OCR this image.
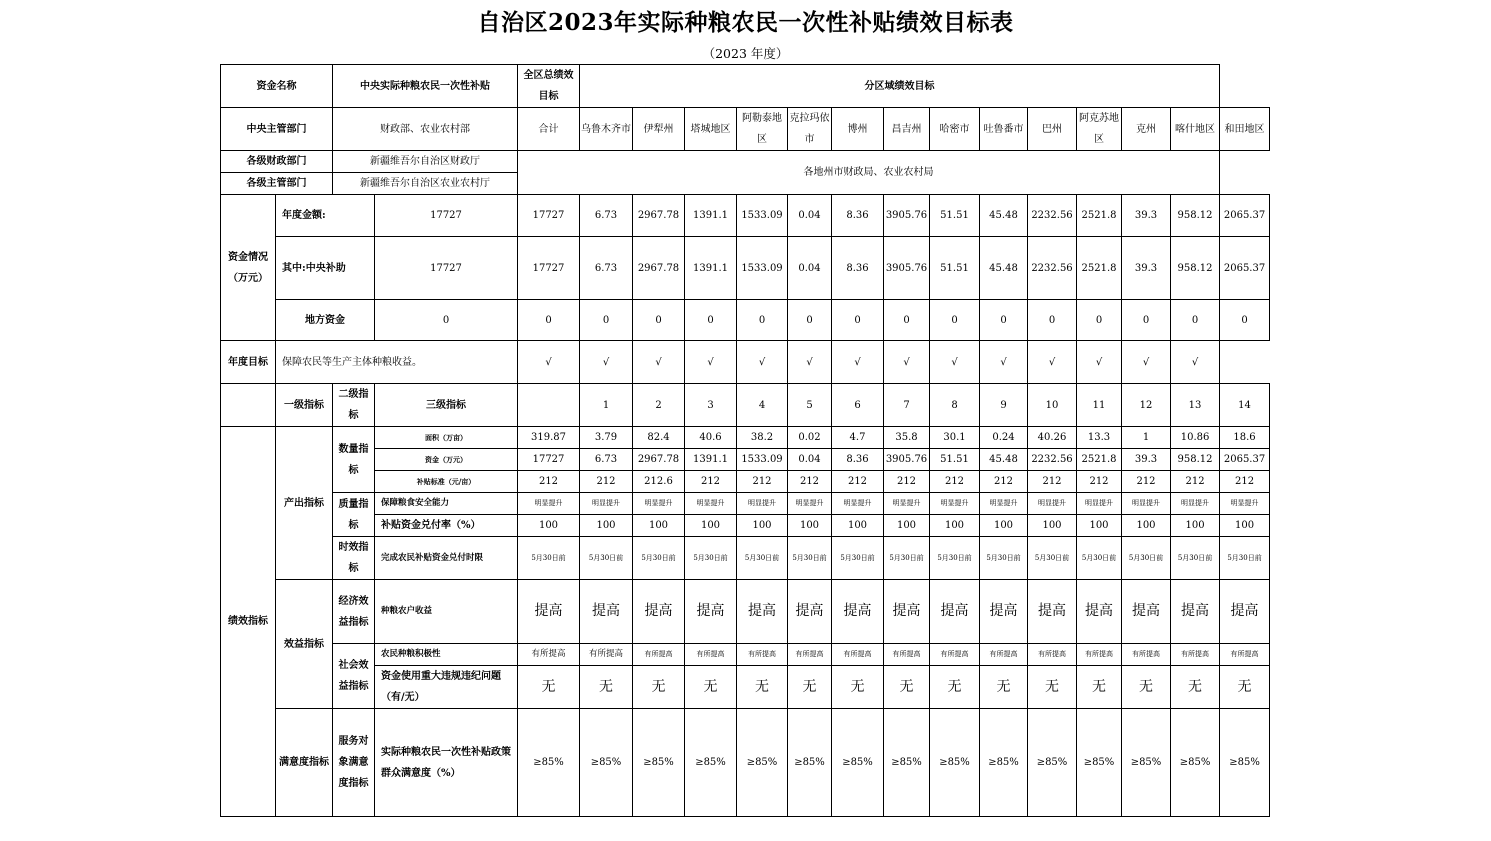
自治区2023年实际种粮农民一次性补贴绩效目标表
（2023 年度）
资金名称		中央实际种粮农民一次性补贴		全区总绩效目标	分区域绩效目标													
中央主管部门		财政部、农业农村部		合计	乌鲁木齐市	伊犁州	塔城地区	阿勒泰地区	克拉玛依市	博州	昌吉州	哈密市	吐鲁番市	巴州	阿克苏地区	克州	喀什地区	和田地区
各级财政部门		新疆维吾尔自治区财政厅		各地州市财政局、农业农村局														
各级主管部门		新疆维吾尔自治区农业农村厅																
资金情况（万元）	年度金额:		17727	17727	6.73	2967.78	1391.1	1533.09	0.04	8.36	3905.76	51.51	45.48	2232.56	2521.8	39.3	958.12	2065.37
	其中:中央补助		17727	17727	6.73	2967.78	1391.1	1533.09	0.04	8.36	3905.76	51.51	45.48	2232.56	2521.8	39.3	958.12	2065.37
	地方资金		0	0	0	0	0	0	0	0	0	0	0	0	0	0	0	0
年度目标	保障农民等生产主体种粮收益。			√	√	√	√	√	√	√	√	√	√	√	√	√	√	
	一级指标	二级指标	三级指标		1	2	3	4	5	6	7	8	9	10	11	12	13	14
绩效指标	产出指标	数量指标	面积（万亩）	319.87	3.79	82.4	40.6	38.2	0.02	4.7	35.8	30.1	0.24	40.26	13.3	1	10.86	18.6
			资金（万元）	17727	6.73	2967.78	1391.1	1533.09	0.04	8.36	3905.76	51.51	45.48	2232.56	2521.8	39.3	958.12	2065.37
			补贴标准（元/亩）	212	212	212.6	212	212	212	212	212	212	212	212	212	212	212	212
		质量指标	保障粮食安全能力	明显提升	明显提升	明显提升	明显提升	明显提升	明显提升	明显提升	明显提升	明显提升	明显提升	明显提升	明显提升	明显提升	明显提升	明显提升
			补贴资金兑付率（%）	100	100	100	100	100	100	100	100	100	100	100	100	100	100	100
		时效指标	完成农民补贴资金兑付时限	5月30日前	5月30日前	5月30日前	5月30日前	5月30日前	5月30日前	5月30日前	5月30日前	5月30日前	5月30日前	5月30日前	5月30日前	5月30日前	5月30日前	5月30日前
	效益指标	经济效益指标	种粮农户收益	提高	提高	提高	提高	提高	提高	提高	提高	提高	提高	提高	提高	提高	提高	提高
		社会效益指标	农民种粮积极性	有所提高	有所提高	有所提高	有所提高	有所提高	有所提高	有所提高	有所提高	有所提高	有所提高	有所提高	有所提高	有所提高	有所提高	有所提高
			资金使用重大违规违纪问题（有/无）	无	无	无	无	无	无	无	无	无	无	无	无	无	无	无
	满意度指标	服务对象满意度指标	实际种粮农民一次性补贴政策群众满意度（%）	≥85%	≥85%	≥85%	≥85%	≥85%	≥85%	≥85%	≥85%	≥85%	≥85%	≥85%	≥85%	≥85%	≥85%	≥85%
